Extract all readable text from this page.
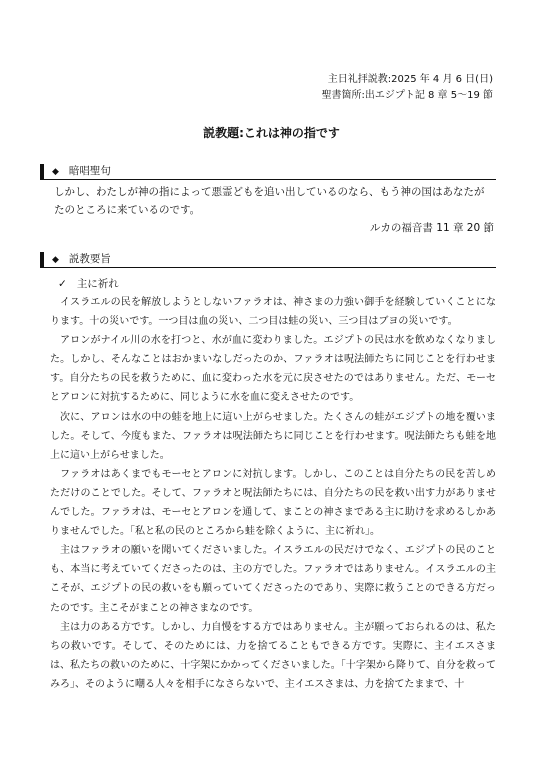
主日礼拝説教:2025 年 4 月 6 日(日)
聖書箇所:出エジプト記 8 章 5～19 節
説教題:これは神の指です
◆ 暗唱聖句
しかし、わたしが神の指によって悪霊どもを追い出しているのなら、もう神の国はあなたがたのところに来ているのです。
ルカの福音書 11 章 20 節
◆ 説教要旨
✓ 主に祈れ

イスラエルの民を解放しようとしないファラオは、神さまの力強い御手を経験していくことになります。十の災いです。一つ目は血の災い、二つ目は蛙の災い、三つ目はブヨの災いです。

アロンがナイル川の水を打つと、水が血に変わりました。エジプトの民は水を飲めなくなりました。しかし、そんなことはおかまいなしだったのか、ファラオは呪法師たちに同じことを行わせます。自分たちの民を救うために、血に変わった水を元に戻させたのではありません。ただ、モーセとアロンに対抗するために、同じように水を血に変えさせたのです。

次に、アロンは水の中の蛙を地上に這い上がらせました。たくさんの蛙がエジプトの地を覆いました。そして、今度もまた、ファラオは呪法師たちに同じことを行わせます。呪法師たちも蛙を地上に這い上がらせました。

ファラオはあくまでもモーセとアロンに対抗します。しかし、このことは自分たちの民を苦しめただけのことでした。そして、ファラオと呪法師たちには、自分たちの民を救い出す力がありませんでした。ファラオは、モーセとアロンを通して、まことの神さまである主に助けを求めるしかありませんでした。「私と私の民のところから蛙を除くように、主に祈れ」。

主はファラオの願いを聞いてくださいました。イスラエルの民だけでなく、エジプトの民のことも、本当に考えていてくださったのは、主の方でした。ファラオではありません。イスラエルの主こそが、エジプトの民の救いをも願っていてくださったのであり、実際に救うことのできる方だったのです。主こそがまことの神さまなのです。

主は力のある方です。しかし、力自慢をする方ではありません。主が願っておられるのは、私たちの救いです。そして、そのためには、力を捨てることもできる方です。実際に、主イエスさまは、私たちの救いのために、十字架にかかってくださいました。「十字架から降りて、自分を救ってみろ」、そのように嘲る人々を相手になさらないで、主イエスさまは、力を捨てたままで、十
